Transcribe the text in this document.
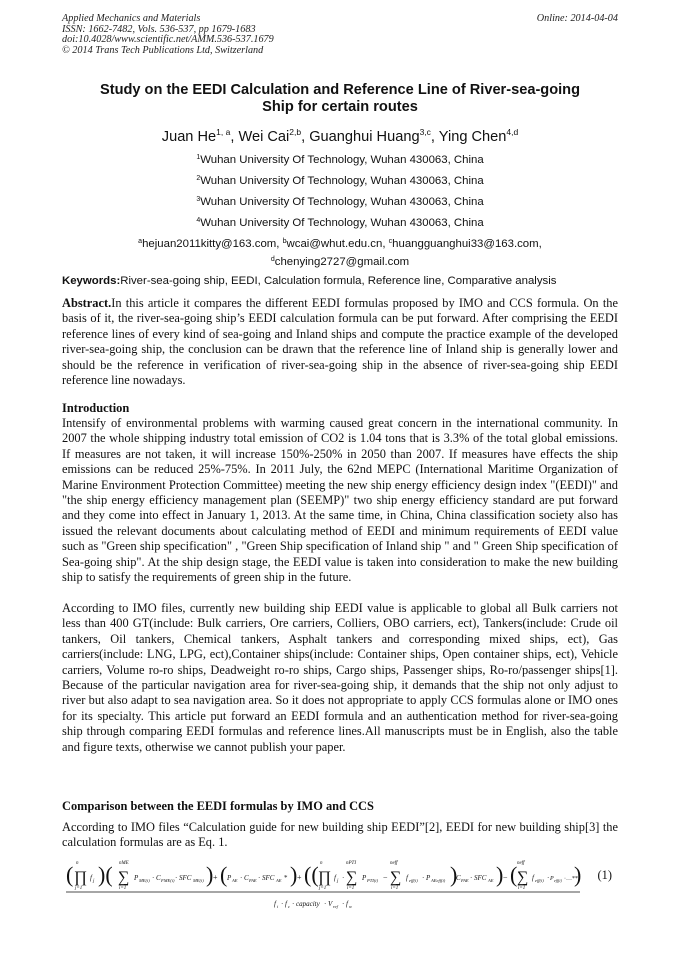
Applied Mechanics and Materials
ISSN: 1662-7482, Vols. 536-537, pp 1679-1683
doi:10.4028/www.scientific.net/AMM.536-537.1679
© 2014 Trans Tech Publications Ltd, Switzerland
Online: 2014-04-04
Study on the EEDI Calculation and Reference Line of River-sea-going
Ship for certain routes
Juan He$^{1, a}$, Wei Cai$^{2,b}$, Guanghui Huang$^{3,c}$, Ying Chen$^{4,d}$
$^1$Wuhan University Of Technology, Wuhan 430063, China
$^2$Wuhan University Of Technology, Wuhan 430063, China
$^3$Wuhan University Of Technology, Wuhan 430063, China
$^4$Wuhan University Of Technology, Wuhan 430063, China
$^a$hejuan2011kitty@163.com, $^b$wcai@whut.edu.cn, $^c$huangguanghui33@163.com,
$^d$chenying2727@gmail.com
Keywords:River-sea-going ship, EEDI, Calculation formula, Reference line, Comparative analysis
Abstract.In this article it compares the different EEDI formulas proposed by IMO and CCS formula. On the basis of it, the river-sea-going ship’s EEDI calculation formula can be put forward. After comprising the EEDI reference lines of every kind of sea-going and Inland ships and compute the practice example of the developed river-sea-going ship, the conclusion can be drawn that the reference line of Inland ship is generally lower and should be the reference in verification of river-sea-going ship in the absence of river-sea-going ship EEDI reference line nowadays.
Introduction
Intensify of environmental problems with warming caused great concern in the international community. In 2007 the whole shipping industry total emission of CO2 is 1.04 tons that is 3.3% of the total global emissions. If measures are not taken, it will increase 150%-250% in 2050 than 2007. If measures have effects the ship emissions can be reduced 25%-75%. In 2011 July, the 62nd MEPC (International Maritime Organization of Marine Environment Protection Committee) meeting the new ship energy efficiency design index "(EEDI)" and "the ship energy efficiency management plan (SEEMP)" two ship energy efficiency standard are put forward and they come into effect in January 1, 2013. At the same time, in China, China classification society also has issued the relevant documents about calculating method of EEDI and minimum requirements of EEDI value such as "Green ship specification" , "Green Ship specification of Inland ship " and " Green Ship specification of Sea-going ship". At the ship design stage, the EEDI value is taken into consideration to make the new building ship to satisfy the requirements of green ship in the future.
According to IMO files, currently new building ship EEDI value is applicable to global all Bulk carriers not less than 400 GT(include: Bulk carriers, Ore carriers, Colliers, OBO carriers, ect), Tankers(include: Crude oil tankers, Oil tankers, Chemical tankers, Asphalt tankers and corresponding mixed ships, ect), Gas carriers(include: LNG, LPG, ect),Container ships(include: Container ships, Open container ships, ect), Vehicle carriers, Volume ro-ro ships, Deadweight ro-ro ships, Cargo ships, Passenger ships, Ro-ro/passenger ships[1]. Because of the particular navigation area for river-sea-going ship, it demands that the ship not only adjust to river but also adapt to sea navigation area. So it does not appropriate to apply CCS formulas alone or IMO ones for its specialty. This article put forward an EEDI formula and an authentication method for river-sea-going ship through comparing EEDI formulas and reference lines.All manuscripts must be in English, also the table and figure texts, otherwise we cannot publish your paper.
Comparison between the EEDI formulas by IMO and CCS
According to IMO files “Calculation guide for new building ship EEDI”[2], EEDI for new building ship[3] the calculation formulas are as Eq. 1.
( ∏
n
j=1
f j )( ∑
nME
i=1
P ME(i) · C FME(i) · SFC ME(i) ) + ( P AE · C FAE · SFC AE * ) + (( ∏
n
j=1
f j · ∑
nPTI
i=1
P PTI(i) − ∑
neff
i=1
f eff(i) · P AEeff(i) )
C FAE · SFC AE ) − ( ∑
neff
i=1
f eff(i) · P eff(i) ·…**
)
f i · f c · capacity · V ref · f w
(1)
